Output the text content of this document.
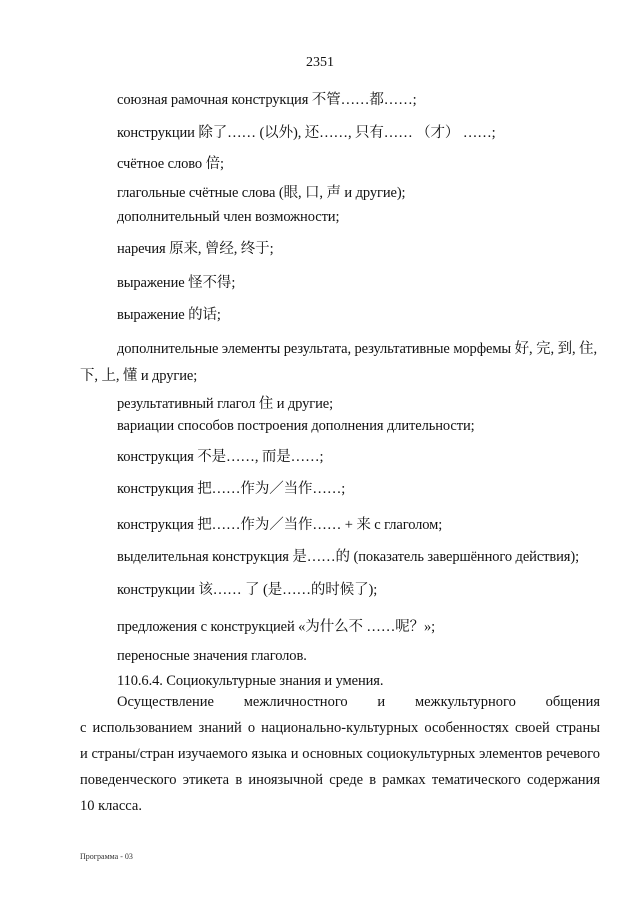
2351
союзная рамочная конструкция 不管……都……;
конструкции 除了…… (以外), 还……, 只有…… （才） ……;
счётное слово 倍;
глагольные счётные слова (眼, 口, 声 и другие);
дополнительный член возможности;
наречия 原来, 曾经, 终于;
выражение 怪不得;
выражение 的话;
дополнительные элементы результата, результативные морфемы 好, 完, 到, 住,
下, 上, 懂 и другие;
результативный глагол 住 и другие;
вариации способов построения дополнения длительности;
конструкция 不是……, 而是……;
конструкция 把……作为／当作……;
конструкция 把……作为／当作…… + 来 с глаголом;
выделительная конструкция 是……的 (показатель завершённого действия);
конструкции 该…… 了 (是……的时候了);
предложения с конструкцией «为什么不 ……呢？»;
переносные значения глаголов.
110.6.4. Социокультурные знания и умения.
Осуществление межличностного и межкультурного общения
с использованием знаний о национально-культурных особенностях своей страны
и страны/стран изучаемого языка и основных социокультурных элементов речевого
поведенческого этикета в иноязычной среде в рамках тематического содержания
10 класса.
Программа - 03
